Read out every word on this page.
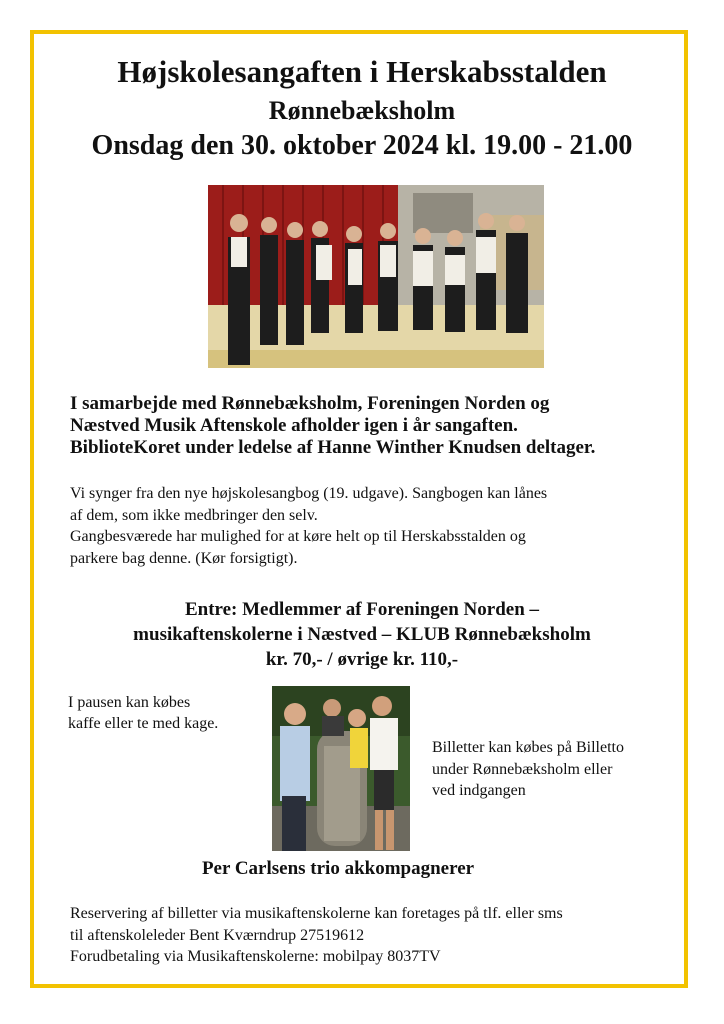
Højskolesangaften i Herskabsstalden
Rønnebæksholm
Onsdag den 30. oktober 2024 kl. 19.00 - 21.00

I samarbejde med Rønnebæksholm, Foreningen Norden og

Næstved Musik Aftenskole afholder igen i år sangaften.

BiblioteKoret under ledelse af Hanne Winther Knudsen deltager.

Vi synger fra den nye højskolesangbog (19. udgave). Sangbogen kan lånes

af dem, som ikke medbringer den selv.

Gangbesværede har mulighed for at køre helt op til Herskabsstalden og

parkere bag denne. (Kør forsigtigt).

Entre: Medlemmer af Foreningen Norden –

musikaftenskolerne i Næstved – KLUB Rønnebæksholm

kr. 70,- / øvrige kr. 110,-

I pausen kan købes

kaffe eller te med kage.

Billetter kan købes på Billetto

under Rønnebæksholm eller

ved indgangen

Per Carlsens trio akkompagnerer

Reservering af billetter via musikaftenskolerne kan foretages på tlf. eller sms

til aftenskoleleder Bent Kværndrup 27519612

Forudbetaling via Musikaftenskolerne: mobilpay 8037TV
